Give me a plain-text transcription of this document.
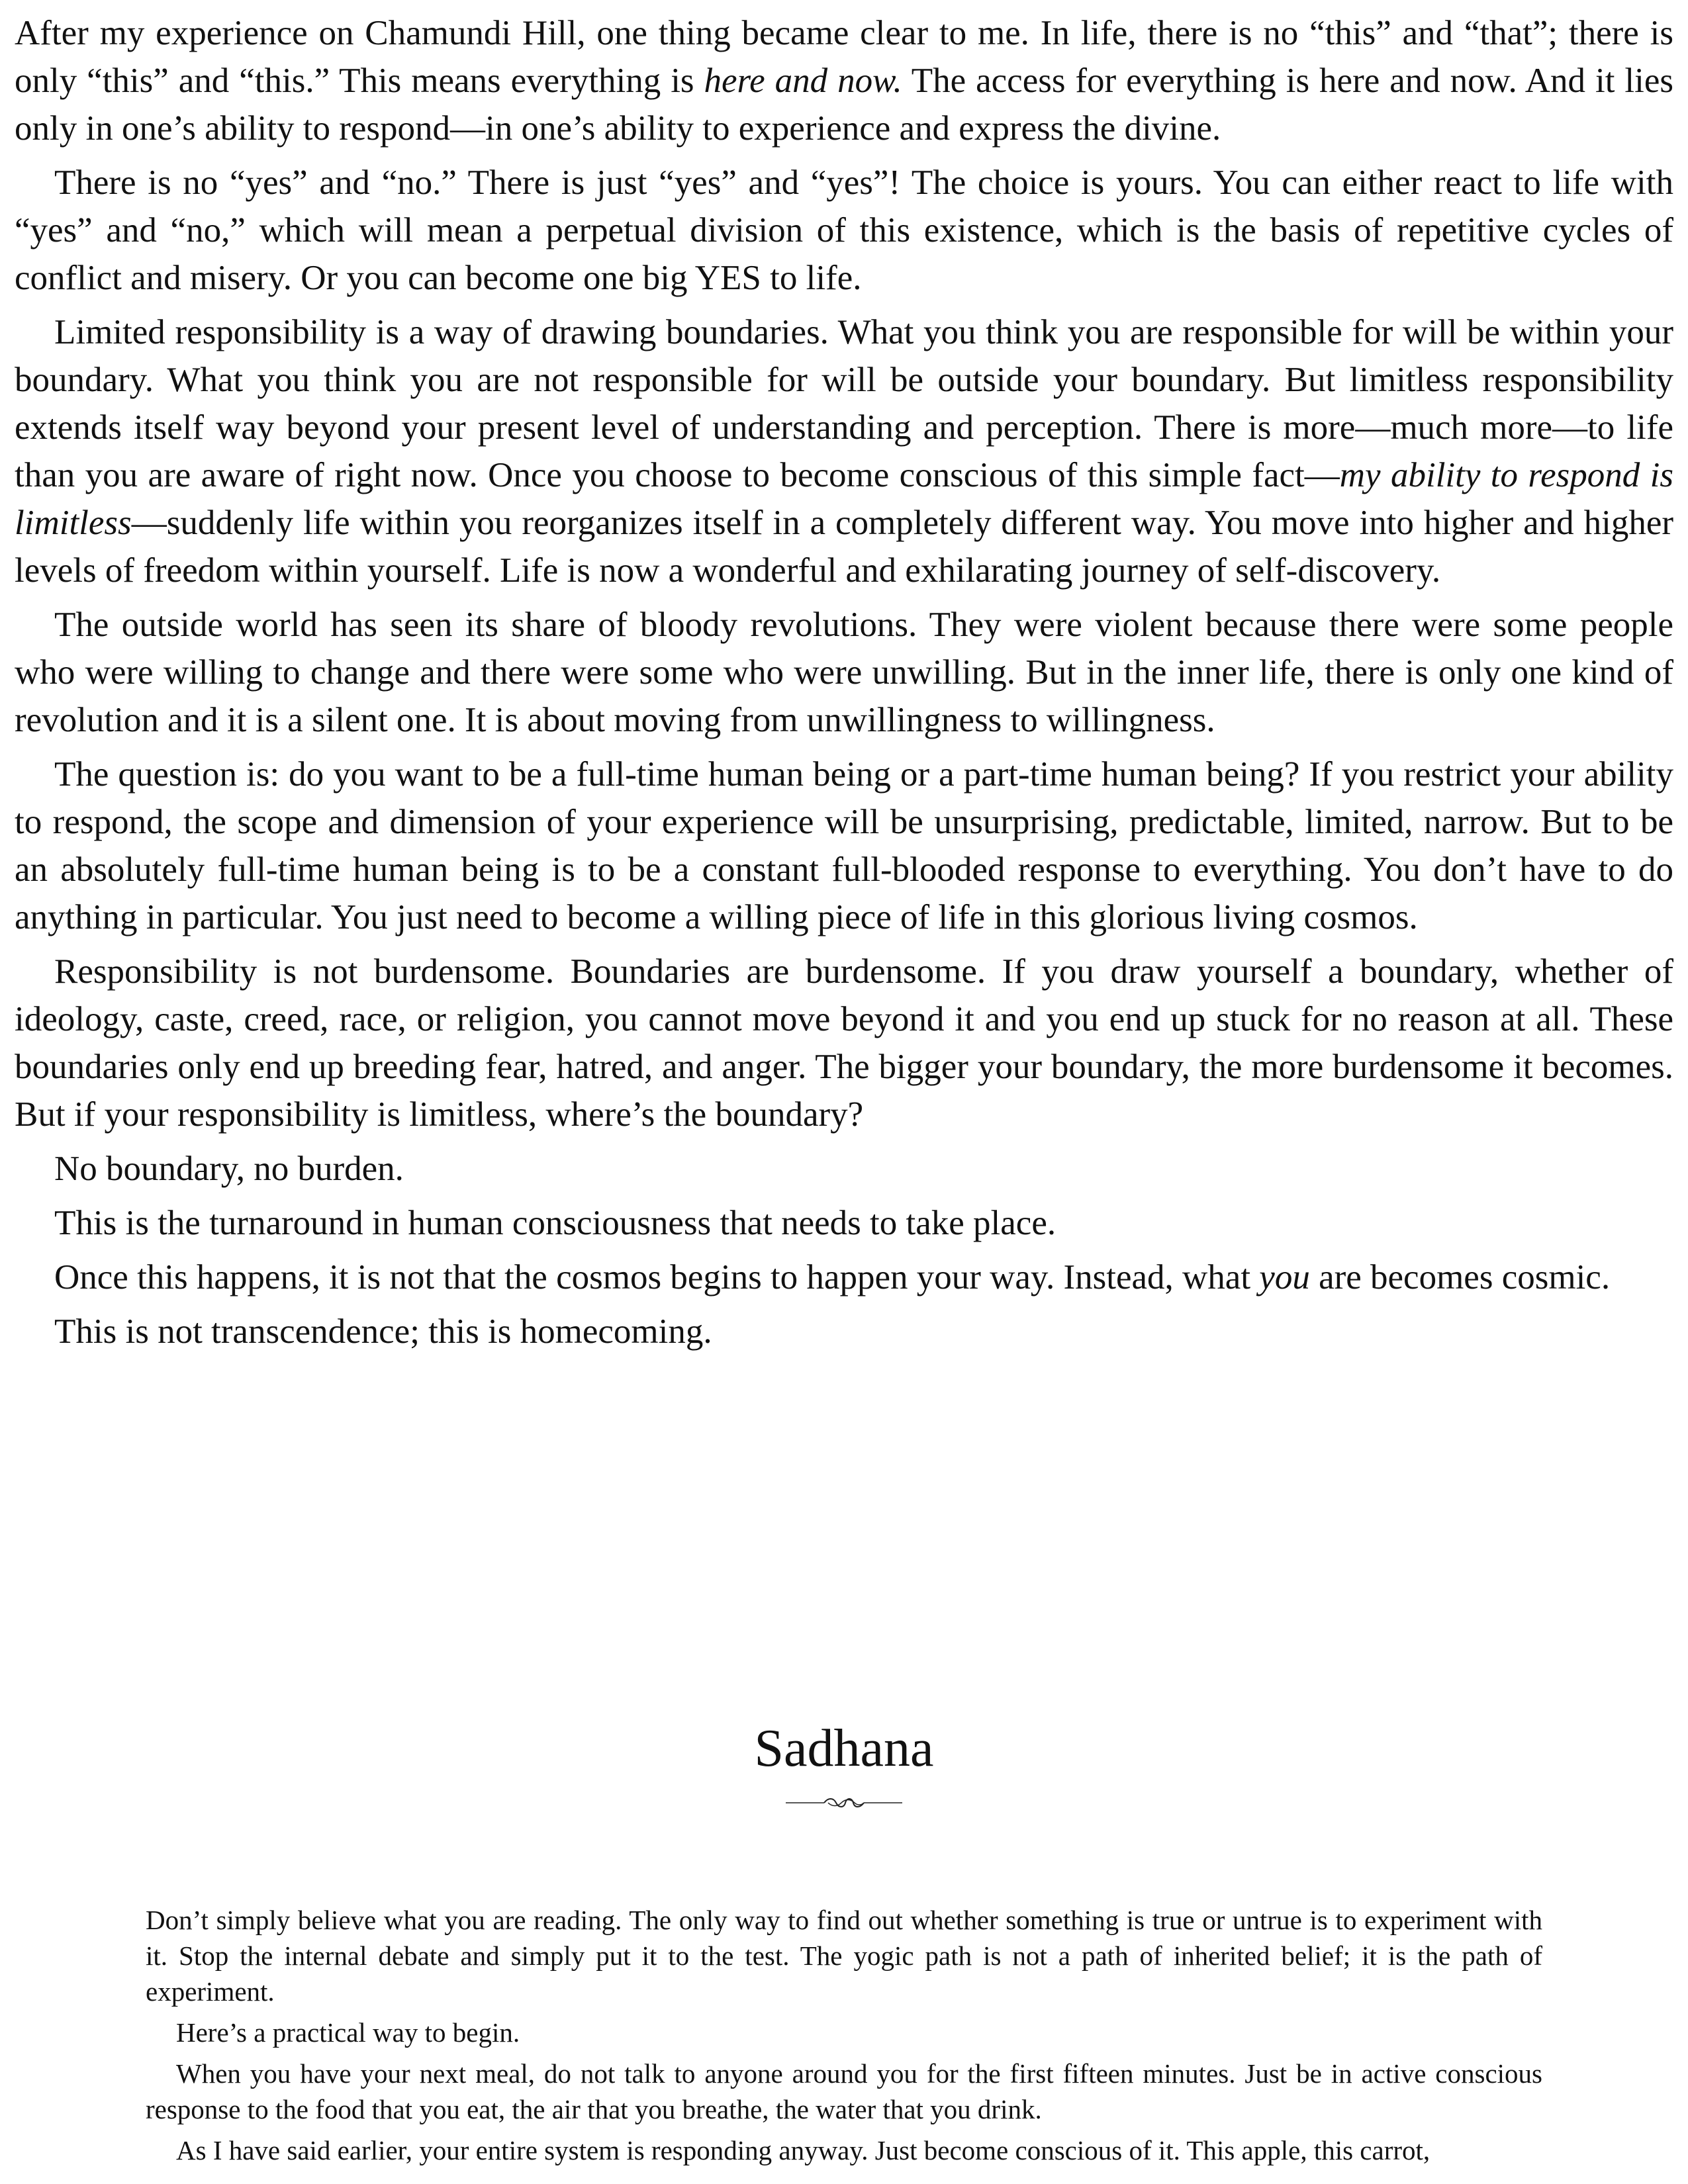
After my experience on Chamundi Hill, one thing became clear to me. In life, there is no “this” and “that”; there is only “this” and “this.” This means everything is here and now. The access for everything is here and now. And it lies only in one’s ability to respond—in one’s ability to experience and express the divine.

There is no “yes” and “no.” There is just “yes” and “yes”! The choice is yours. You can either react to life with “yes” and “no,” which will mean a perpetual division of this existence, which is the basis of repetitive cycles of conflict and misery. Or you can become one big YES to life.

Limited responsibility is a way of drawing boundaries. What you think you are responsible for will be within your boundary. What you think you are not responsible for will be outside your boundary. But limitless responsibility extends itself way beyond your present level of understanding and perception. There is more—much more—to life than you are aware of right now. Once you choose to become conscious of this simple fact—my ability to respond is limitless—suddenly life within you reorganizes itself in a completely different way. You move into higher and higher levels of freedom within yourself. Life is now a wonderful and exhilarating journey of self-discovery.

The outside world has seen its share of bloody revolutions. They were violent because there were some people who were willing to change and there were some who were unwilling. But in the inner life, there is only one kind of revolution and it is a silent one. It is about moving from unwillingness to willingness.

The question is: do you want to be a full-time human being or a part-time human being? If you restrict your ability to respond, the scope and dimension of your experience will be unsurprising, predictable, limited, narrow. But to be an absolutely full-time human being is to be a constant full-blooded response to everything. You don’t have to do anything in particular. You just need to become a willing piece of life in this glorious living cosmos.

Responsibility is not burdensome. Boundaries are burdensome. If you draw yourself a boundary, whether of ideology, caste, creed, race, or religion, you cannot move beyond it and you end up stuck for no reason at all. These boundaries only end up breeding fear, hatred, and anger. The bigger your boundary, the more burdensome it becomes. But if your responsibility is limitless, where’s the boundary?

No boundary, no burden.

This is the turnaround in human consciousness that needs to take place.

Once this happens, it is not that the cosmos begins to happen your way. Instead, what you are becomes cosmic.

This is not transcendence; this is homecoming.

Sadhana

Don’t simply believe what you are reading. The only way to find out whether something is true or untrue is to experiment with it. Stop the internal debate and simply put it to the test. The yogic path is not a path of inherited belief; it is the path of experiment.

Here’s a practical way to begin.

When you have your next meal, do not talk to anyone around you for the first fifteen minutes. Just be in active conscious response to the food that you eat, the air that you breathe, the water that you drink.

As I have said earlier, your entire system is responding anyway. Just become conscious of it. This apple, this carrot,
